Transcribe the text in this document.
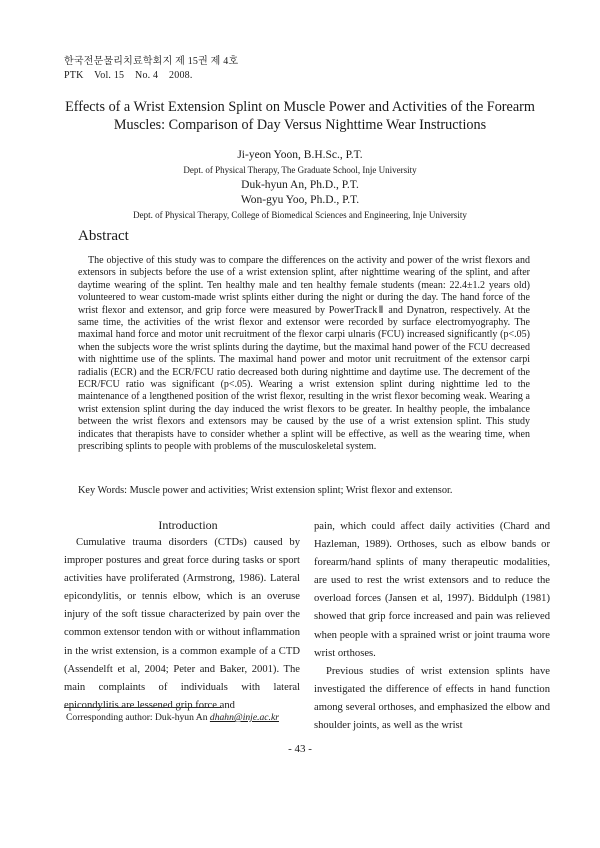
한국전문물리치료학회지 제 15권 제 4호
PTK    Vol. 15    No. 4    2008.
Effects of a Wrist Extension Splint on Muscle Power and Activities of the Forearm
Muscles: Comparison of Day Versus Nighttime Wear Instructions
Ji-yeon Yoon, B.H.Sc., P.T.
Dept. of Physical Therapy, The Graduate School, Inje University
Duk-hyun An, Ph.D., P.T.
Won-gyu Yoo, Ph.D., P.T.
Dept. of Physical Therapy, College of Biomedical Sciences and Engineering, Inje University
Abstract

The objective of this study was to compare the differences on the activity and power of the wrist flexors and extensors in subjects before the use of a wrist extension splint, after nighttime wearing of the splint, and after daytime wearing of the splint. Ten healthy male and ten healthy female students (mean: 22.4±1.2 years old) volunteered to wear custom-made wrist splints either during the night or during the day. The hand force of the wrist flexor and extensor, and grip force were measured by PowerTrackⅡ and Dynatron, respectively. At the same time, the activities of the wrist flexor and extensor were recorded by surface electromyography. The maximal hand force and motor unit recruitment of the flexor carpi ulnaris (FCU) increased significantly (p<.05) when the subjects wore the wrist splints during the daytime, but the maximal hand power of the FCU decreased with nighttime use of the splints. The maximal hand power and motor unit recruitment of the extensor carpi radialis (ECR) and the ECR/FCU ratio decreased both during nighttime and daytime use. The decrement of the ECR/FCU ratio was significant (p<.05). Wearing a wrist extension splint during nighttime led to the maintenance of a lengthened position of the wrist flexor, resulting in the wrist flexor becoming weak. Wearing a wrist extension splint during the day induced the wrist flexors to be greater. In healthy people, the imbalance between the wrist flexors and extensors may be caused by the use of a wrist extension splint. This study indicates that therapists have to consider whether a splint will be effective, as well as the wearing time, when prescribing splints to people with problems of the musculoskeletal system.

Key Words: Muscle power and activities; Wrist extension splint; Wrist flexor and extensor.

Introduction

Cumulative trauma disorders (CTDs) caused by improper postures and great force during tasks or sport activities have proliferated (Armstrong, 1986). Lateral epicondylitis, or tennis elbow, which is an overuse injury of the soft tissue characterized by pain over the common extensor tendon with or without inflammation in the wrist extension, is a common example of a CTD (Assendelft et al, 2004; Peter and Baker, 2001). The main complaints of individuals with lateral epicondylitis are lessened grip force and

pain, which could affect daily activities (Chard and Hazleman, 1989). Orthoses, such as elbow bands or forearm/hand splints of many therapeutic modalities, are used to rest the wrist extensors and to reduce the overload forces (Jansen et al, 1997). Biddulph (1981) showed that grip force increased and pain was relieved when people with a sprained wrist or joint trauma wore wrist orthoses.

Previous studies of wrist extension splints have investigated the difference of effects in hand function among several orthoses, and emphasized the elbow and shoulder joints, as well as the wrist

Corresponding author: Duk-hyun An dhahn@inje.ac.kr
- 43 -
